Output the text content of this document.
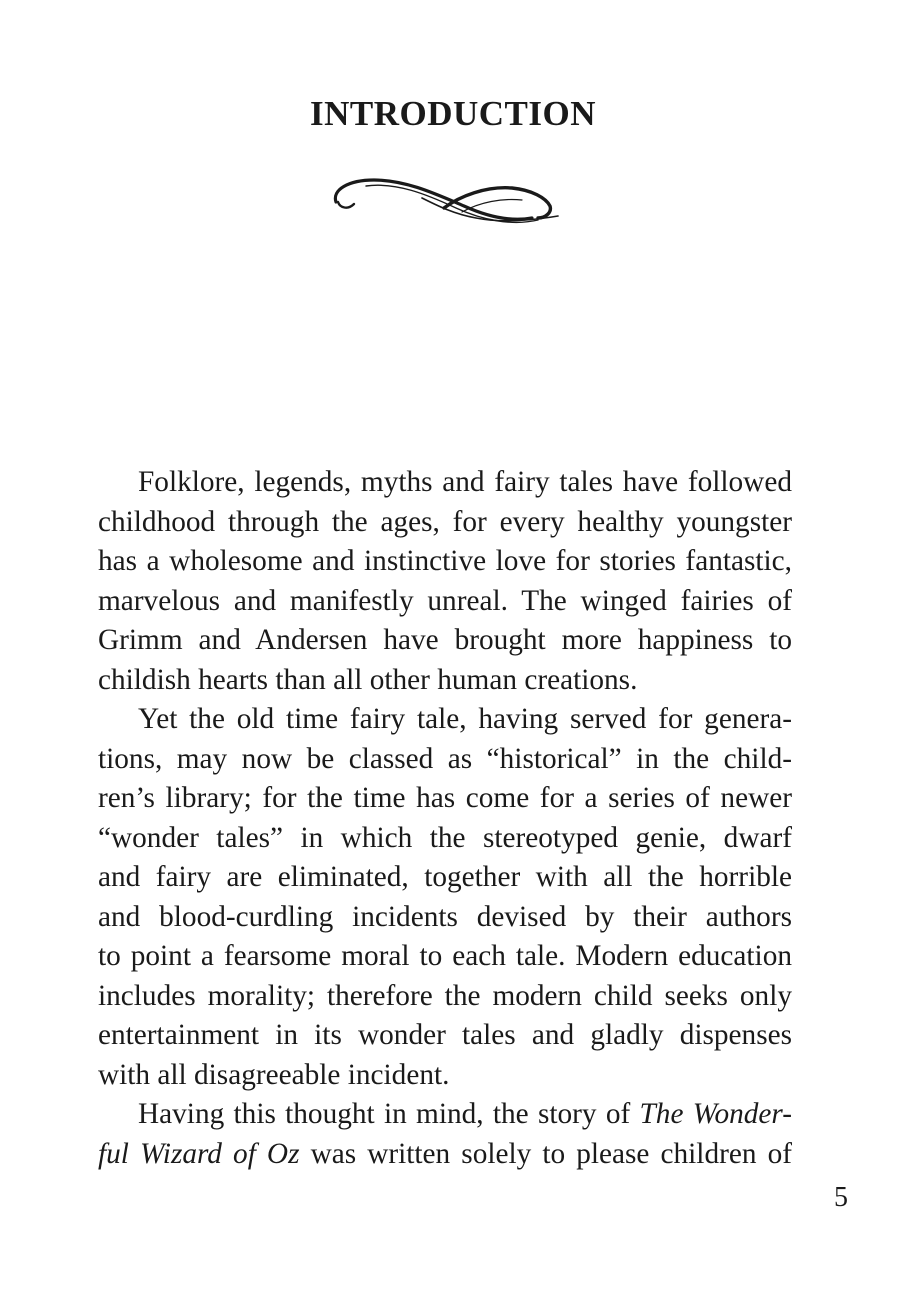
INTRODUCTION
Folklore, legends, myths and fairy tales have followed
childhood through the ages, for every healthy youngster
has a wholesome and instinctive love for stories fantastic,
marvelous and manifestly unreal. The winged fairies of
Grimm and Andersen have brought more happiness to
childish hearts than all other human creations.
Yet the old time fairy tale, having served for genera-
tions, may now be classed as “historical” in the child-
ren’s library; for the time has come for a series of newer
“wonder tales” in which the stereotyped genie, dwarf
and fairy are eliminated, together with all the horrible
and blood-curdling incidents devised by their authors
to point a fearsome moral to each tale. Modern education
includes morality; therefore the modern child seeks only
entertainment in its wonder tales and gladly dispenses
with all disagreeable incident.
Having this thought in mind, the story of The Wonder-
ful Wizard of Oz was written solely to please children of
5
